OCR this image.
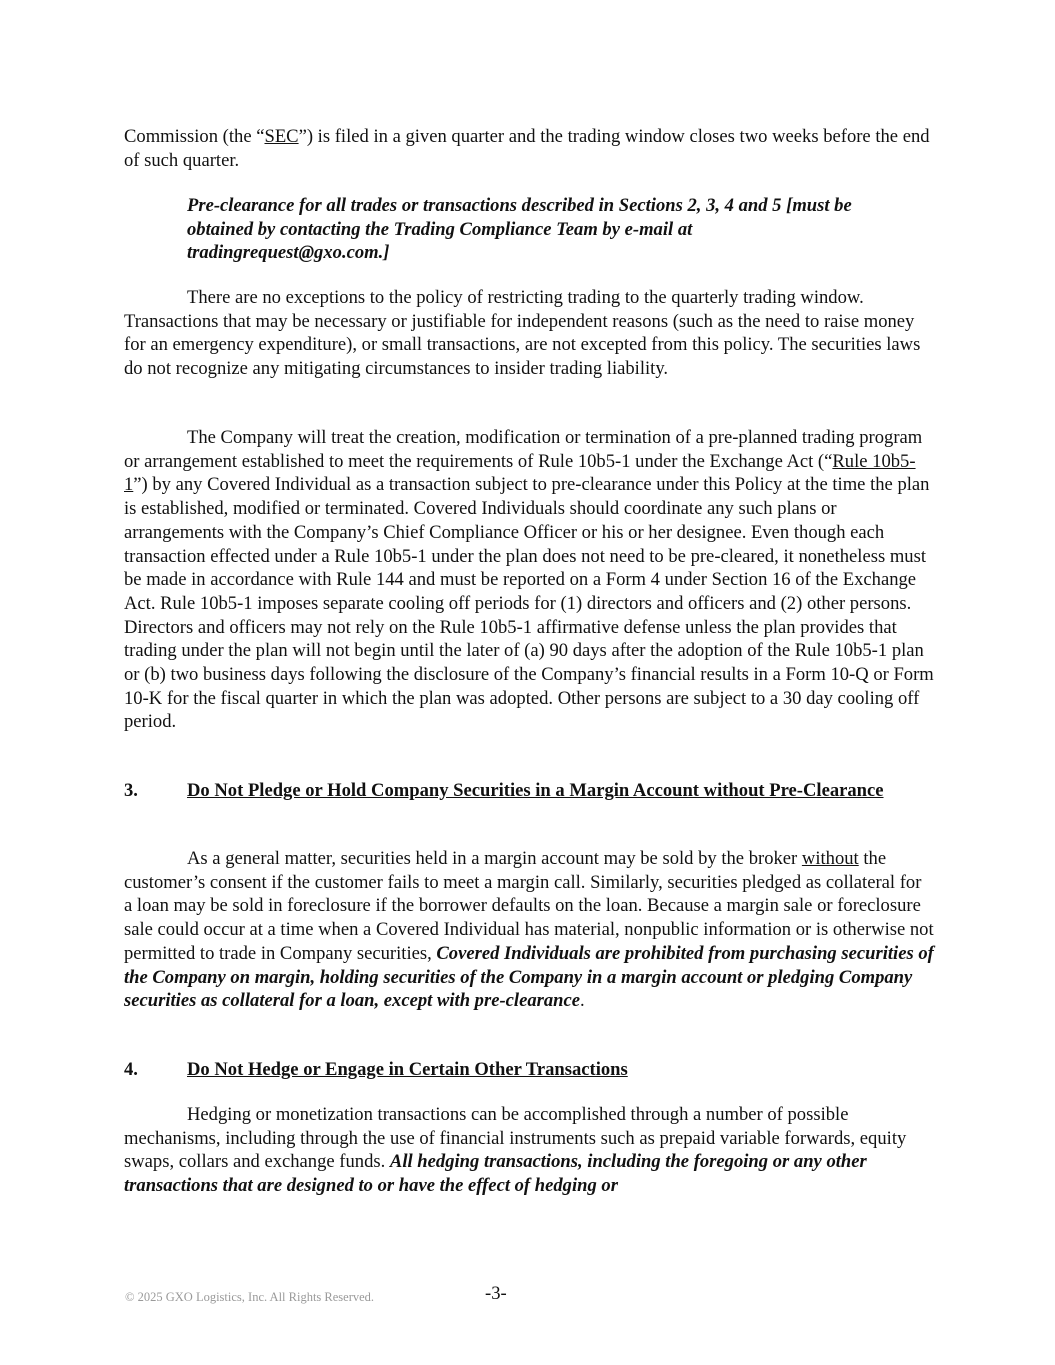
Commission (the “SEC”) is filed in a given quarter and the trading window closes two weeks before the end of such quarter.

Pre-clearance for all trades or transactions described in Sections 2, 3, 4 and 5 [must be obtained by contacting the Trading Compliance Team by e-mail at tradingrequest@gxo.com.]

There are no exceptions to the policy of restricting trading to the quarterly trading window. Transactions that may be necessary or justifiable for independent reasons (such as the need to raise money for an emergency expenditure), or small transactions, are not excepted from this policy. The securities laws do not recognize any mitigating circumstances to insider trading liability.

The Company will treat the creation, modification or termination of a pre-planned trading program or arrangement established to meet the requirements of Rule 10b5-1 under the Exchange Act (“Rule 10b5-1”) by any Covered Individual as a transaction subject to pre-clearance under this Policy at the time the plan is established, modified or terminated. Covered Individuals should coordinate any such plans or arrangements with the Company’s Chief Compliance Officer or his or her designee. Even though each transaction effected under a Rule 10b5-1 under the plan does not need to be pre-cleared, it nonetheless must be made in accordance with Rule 144 and must be reported on a Form 4 under Section 16 of the Exchange Act. Rule 10b5-1 imposes separate cooling off periods for (1) directors and officers and (2) other persons. Directors and officers may not rely on the Rule 10b5-1 affirmative defense unless the plan provides that trading under the plan will not begin until the later of (a) 90 days after the adoption of the Rule 10b5-1 plan or (b) two business days following the disclosure of the Company’s financial results in a Form 10-Q or Form 10-K for the fiscal quarter in which the plan was adopted. Other persons are subject to a 30 day cooling off period.

3.	Do Not Pledge or Hold Company Securities in a Margin Account without Pre-Clearance

As a general matter, securities held in a margin account may be sold by the broker without the customer’s consent if the customer fails to meet a margin call. Similarly, securities pledged as collateral for a loan may be sold in foreclosure if the borrower defaults on the loan. Because a margin sale or foreclosure sale could occur at a time when a Covered Individual has material, nonpublic information or is otherwise not permitted to trade in Company securities, Covered Individuals are prohibited from purchasing securities of the Company on margin, holding securities of the Company in a margin account or pledging Company securities as collateral for a loan, except with pre-clearance.

4.	Do Not Hedge or Engage in Certain Other Transactions

Hedging or monetization transactions can be accomplished through a number of possible mechanisms, including through the use of financial instruments such as prepaid variable forwards, equity swaps, collars and exchange funds. All hedging transactions, including the foregoing or any other transactions that are designed to or have the effect of hedging or

© 2025 GXO Logistics, Inc. All Rights Reserved.	-3-
